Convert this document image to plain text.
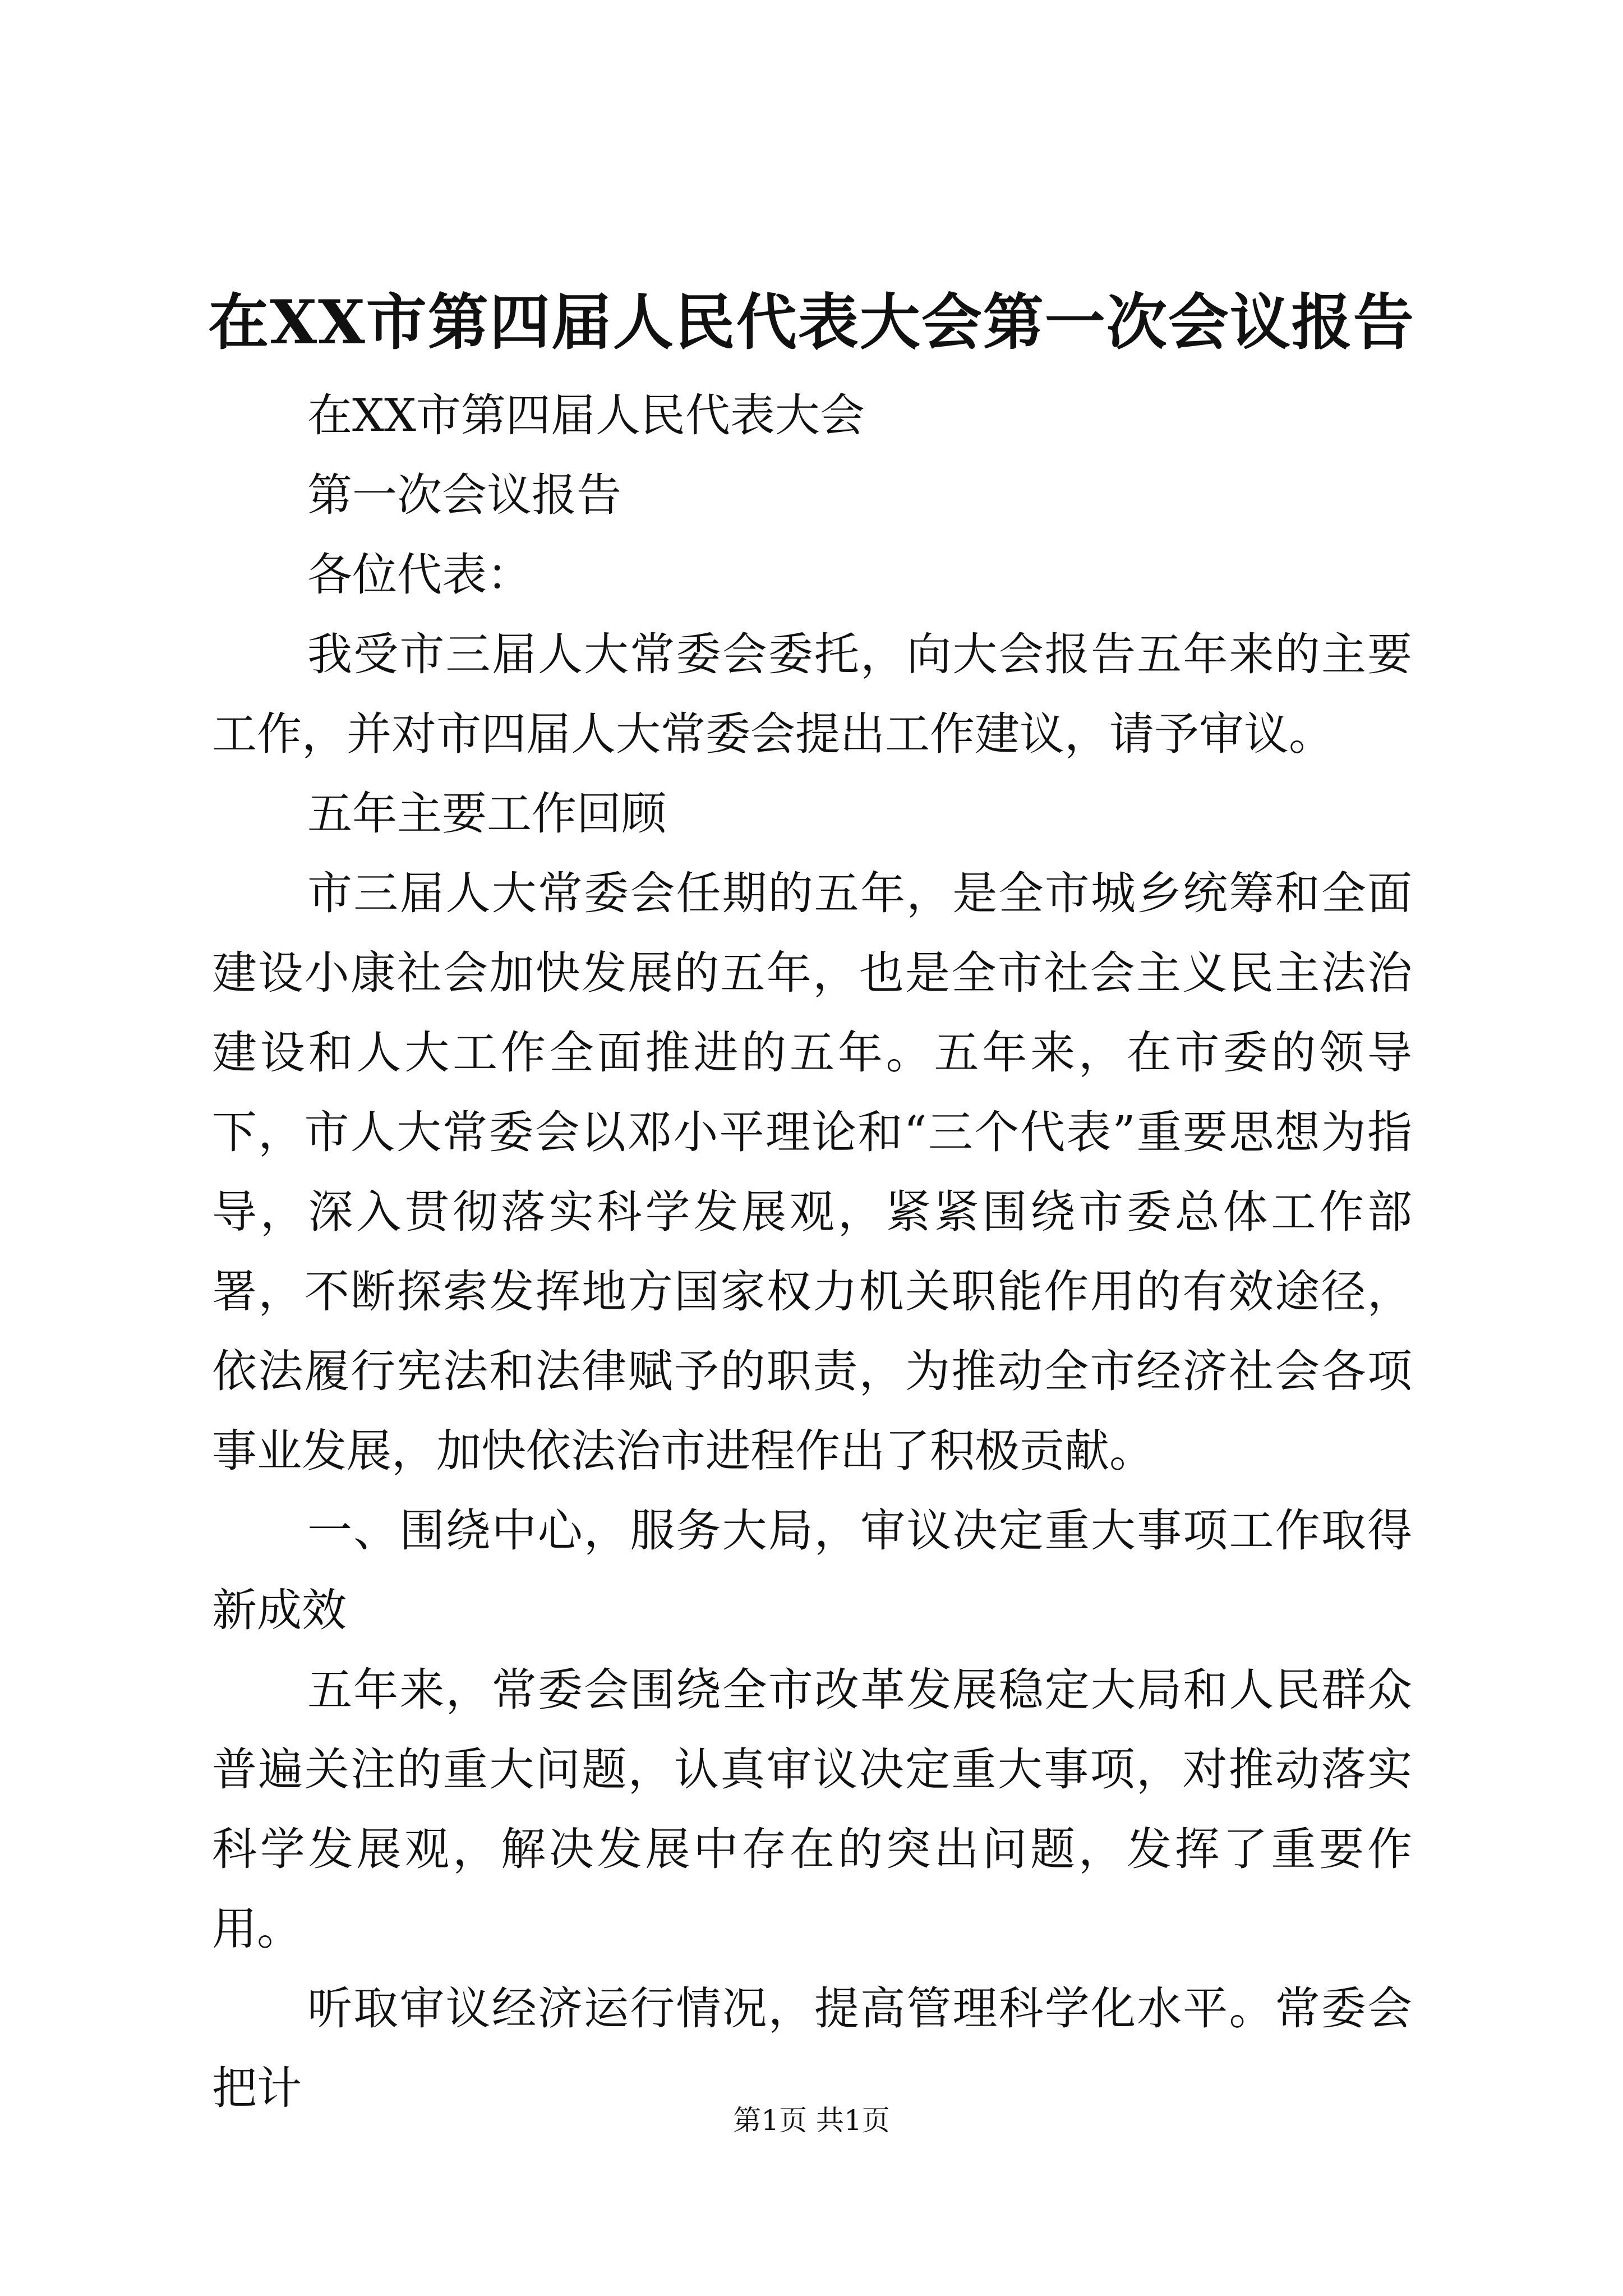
在XX市第四届人民代表大会第一次会议报告

在XX市第四届人民代表大会

第一次会议报告

各位代表：

我受市三届人大常委会委托，向大会报告五年来的主要工作，并对市四届人大常委会提出工作建议，请予审议。

五年主要工作回顾

市三届人大常委会任期的五年，是全市城乡统筹和全面建设小康社会加快发展的五年，也是全市社会主义民主法治建设和人大工作全面推进的五年。五年来，在市委的领导下，市人大常委会以邓小平理论和“三个代表”重要思想为指导，深入贯彻落实科学发展观，紧紧围绕市委总体工作部署，不断探索发挥地方国家权力机关职能作用的有效途径，依法履行宪法和法律赋予的职责，为推动全市经济社会各项事业发展，加快依法治市进程作出了积极贡献。

一、围绕中心，服务大局，审议决定重大事项工作取得新成效

五年来，常委会围绕全市改革发展稳定大局和人民群众普遍关注的重大问题，认真审议决定重大事项，对推动落实科学发展观，解决发展中存在的突出问题，发挥了重要作用。

听取审议经济运行情况，提高管理科学化水平。常委会把计

第1页 共1页
